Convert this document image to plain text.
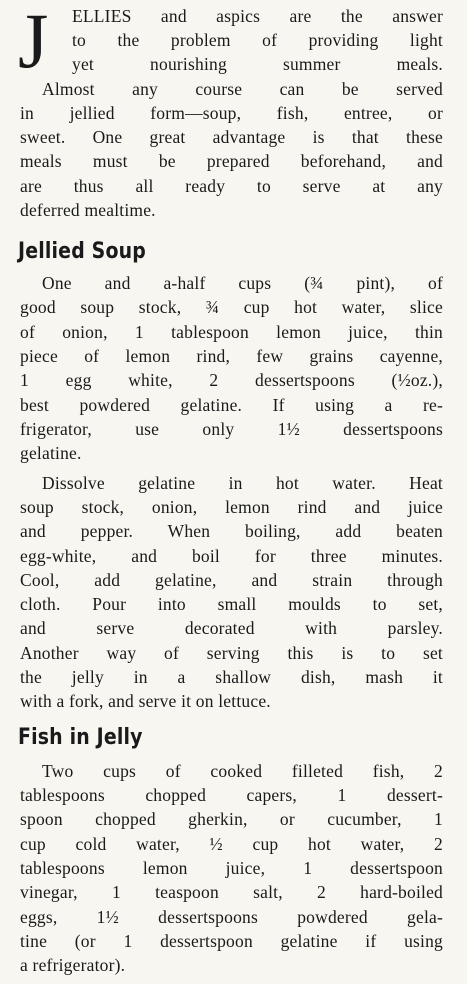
J ELLIES and aspics are the answer
to the problem of providing light
yet nourishing summer meals.
Almost any course can be served
in jellied form—soup, fish, entree, or
sweet. One great advantage is that these
meals must be prepared beforehand, and
are thus all ready to serve at any
deferred mealtime.
Jellied Soup
One and a-half cups (¾ pint), of
good soup stock, ¾ cup hot water, slice
of onion, 1 tablespoon lemon juice, thin
piece of lemon rind, few grains cayenne,
1 egg white, 2 dessertspoons (½oz.),
best powdered gelatine. If using a re-
frigerator, use only 1½ dessertspoons
gelatine.
Dissolve gelatine in hot water. Heat
soup stock, onion, lemon rind and juice
and pepper. When boiling, add beaten
egg-white, and boil for three minutes.
Cool, add gelatine, and strain through
cloth. Pour into small moulds to set,
and serve decorated with parsley.
Another way of serving this is to set
the jelly in a shallow dish, mash it
with a fork, and serve it on lettuce.
Fish in Jelly
Two cups of cooked filleted fish, 2
tablespoons chopped capers, 1 dessert-
spoon chopped gherkin, or cucumber, 1
cup cold water, ½ cup hot water, 2
tablespoons lemon juice, 1 dessertspoon
vinegar, 1 teaspoon salt, 2 hard-boiled
eggs, 1½ dessertspoons powdered gela-
tine (or 1 dessertspoon gelatine if using
a refrigerator).
